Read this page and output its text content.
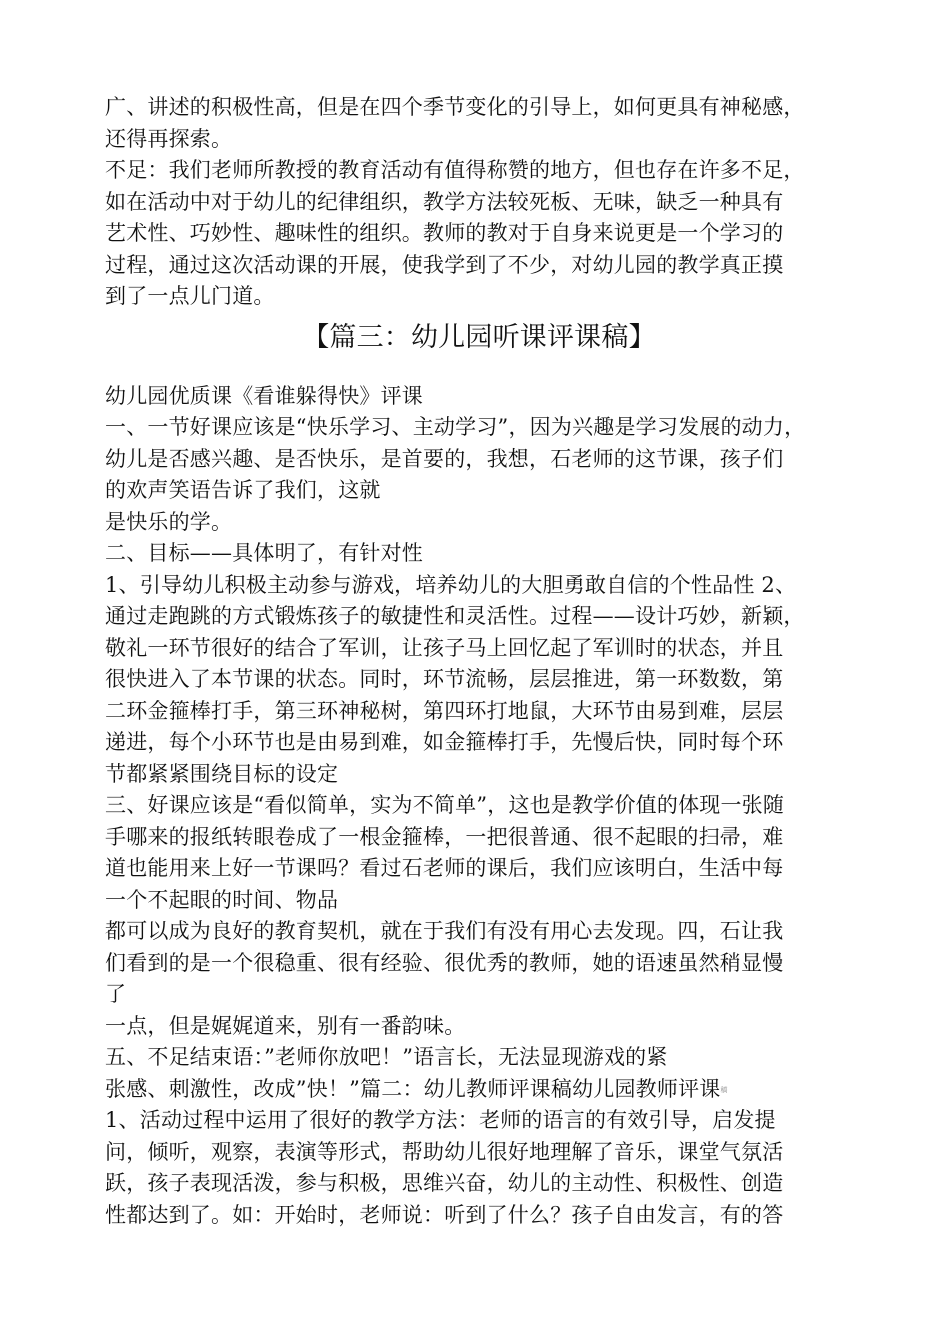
广、讲述的积极性高，但是在四个季节变化的引导上，如何更具有神秘感，
还得再探索。
不足：我们老师所教授的教育活动有值得称赞的地方，但也存在许多不足，
如在活动中对于幼儿的纪律组织，教学方法较死板、无味，缺乏一种具有
艺术性、巧妙性、趣味性的组织。教师的教对于自身来说更是一个学习的
过程，通过这次活动课的开展，使我学到了不少，对幼儿园的教学真正摸
到了一点儿门道。
【篇三：幼儿园听课评课稿】
幼儿园优质课《看谁躲得快》评课
一、一节好课应该是“快乐学习、主动学习”，因为兴趣是学习发展的动力，
幼儿是否感兴趣、是否快乐，是首要的，我想，石老师的这节课，孩子们
的欢声笑语告诉了我们，这就
是快乐的学。
二、目标——具体明了，有针对性
1、引导幼儿积极主动参与游戏，培养幼儿的大胆勇敢自信的个性品性 2、
通过走跑跳的方式锻炼孩子的敏捷性和灵活性。过程——设计巧妙，新颖，
敬礼一环节很好的结合了军训，让孩子马上回忆起了军训时的状态，并且
很快进入了本节课的状态。同时，环节流畅，层层推进，第一环数数，第
二环金箍棒打手，第三环神秘树，第四环打地鼠，大环节由易到难，层层
递进，每个小环节也是由易到难，如金箍棒打手，先慢后快，同时每个环
节都紧紧围绕目标的设定
三、好课应该是“看似简单，实为不简单”，这也是教学价值的体现一张随
手哪来的报纸转眼卷成了一根金箍棒，一把很普通、很不起眼的扫帚，难
道也能用来上好一节课吗？看过石老师的课后，我们应该明白，生活中每
一个不起眼的时间、物品
都可以成为良好的教育契机，就在于我们有没有用心去发现。四，石让我
们看到的是一个很稳重、很有经验、很优秀的教师，她的语速虽然稍显慢
了
一点，但是娓娓道来，别有一番韵味。
五、不足结束语：”老师你放吧！”语言长，无法显现游戏的紧
张感、刺激性，改成”快！”篇二：幼儿教师评课稿幼儿园教师评课稿
1、活动过程中运用了很好的教学方法：老师的语言的有效引导，启发提
问，倾听，观察，表演等形式，帮助幼儿很好地理解了音乐，课堂气氛活
跃，孩子表现活泼，参与积极，思维兴奋，幼儿的主动性、积极性、创造
性都达到了。如：开始时，老师说：听到了什么？孩子自由发言，有的答
